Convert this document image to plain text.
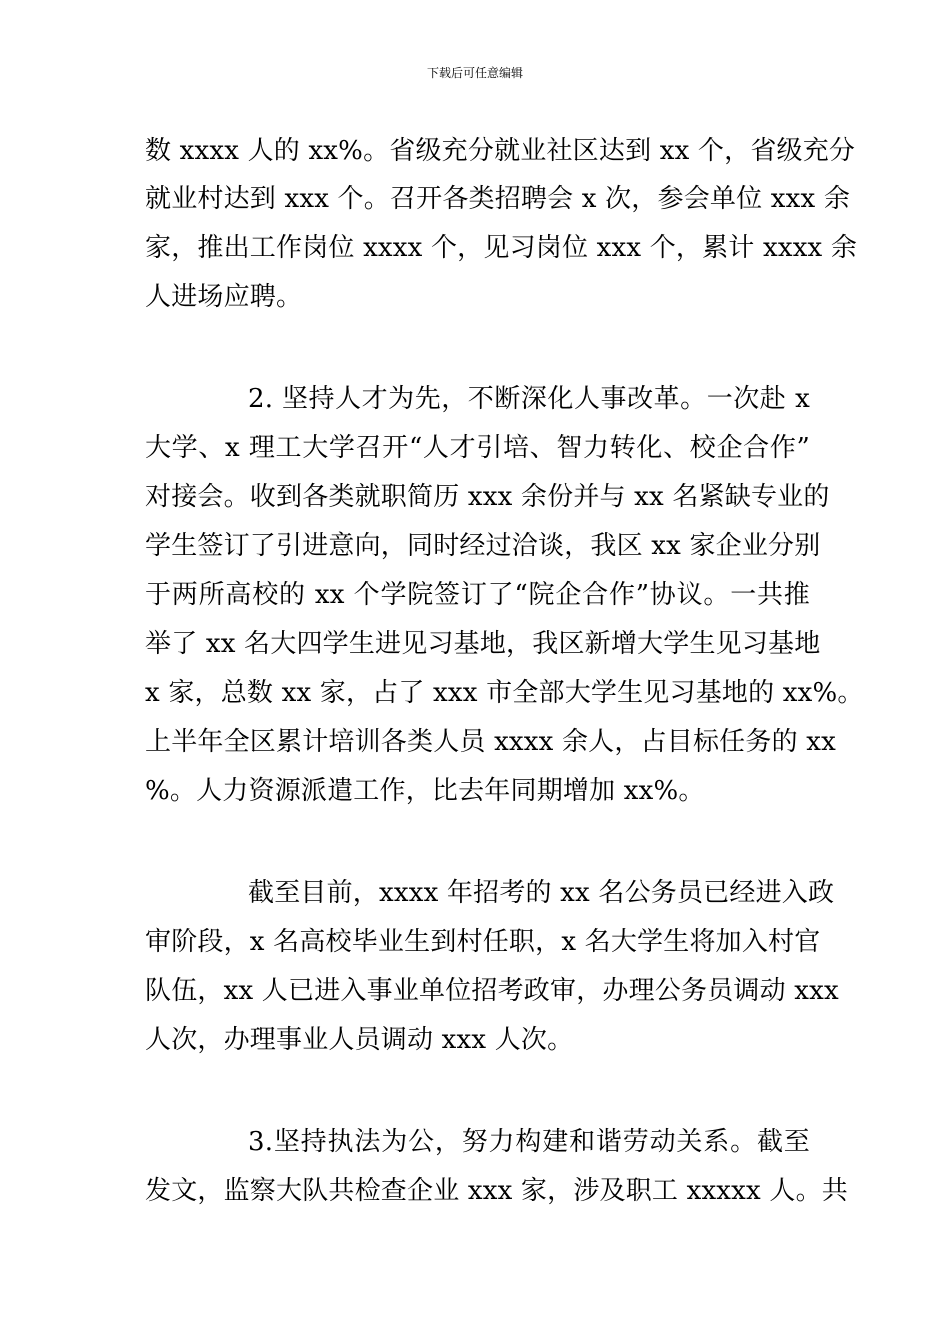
下载后可任意编辑
数 xxxx 人的 xx%。省级充分就业社区达到 xx 个，省级充分
就业村达到 xxx 个。召开各类招聘会 x 次，参会单位 xxx 余
家，推出工作岗位 xxxx 个，见习岗位 xxx 个，累计 xxxx 余
人进场应聘。
2. 坚持人才为先，不断深化人事改革。一次赴 x
大学、x 理工大学召开“人才引培、智力转化、校企合作”
对接会。收到各类就职简历 xxx 余份并与 xx 名紧缺专业的
学生签订了引进意向，同时经过洽谈，我区 xx 家企业分别
于两所高校的 xx 个学院签订了“院企合作”协议。一共推
举了 xx 名大四学生进见习基地，我区新增大学生见习基地
x 家，总数 xx 家，占了 xxx 市全部大学生见习基地的 xx%。
上半年全区累计培训各类人员 xxxx 余人，占目标任务的 xx
%。人力资源派遣工作，比去年同期增加 xx%。
截至目前，xxxx 年招考的 xx 名公务员已经进入政
审阶段，x 名高校毕业生到村任职，x 名大学生将加入村官
队伍，xx 人已进入事业单位招考政审，办理公务员调动 xxx
人次，办理事业人员调动 xxx 人次。
3.坚持执法为公，努力构建和谐劳动关系。截至
发文，监察大队共检查企业 xxx 家，涉及职工 xxxxx 人。共
